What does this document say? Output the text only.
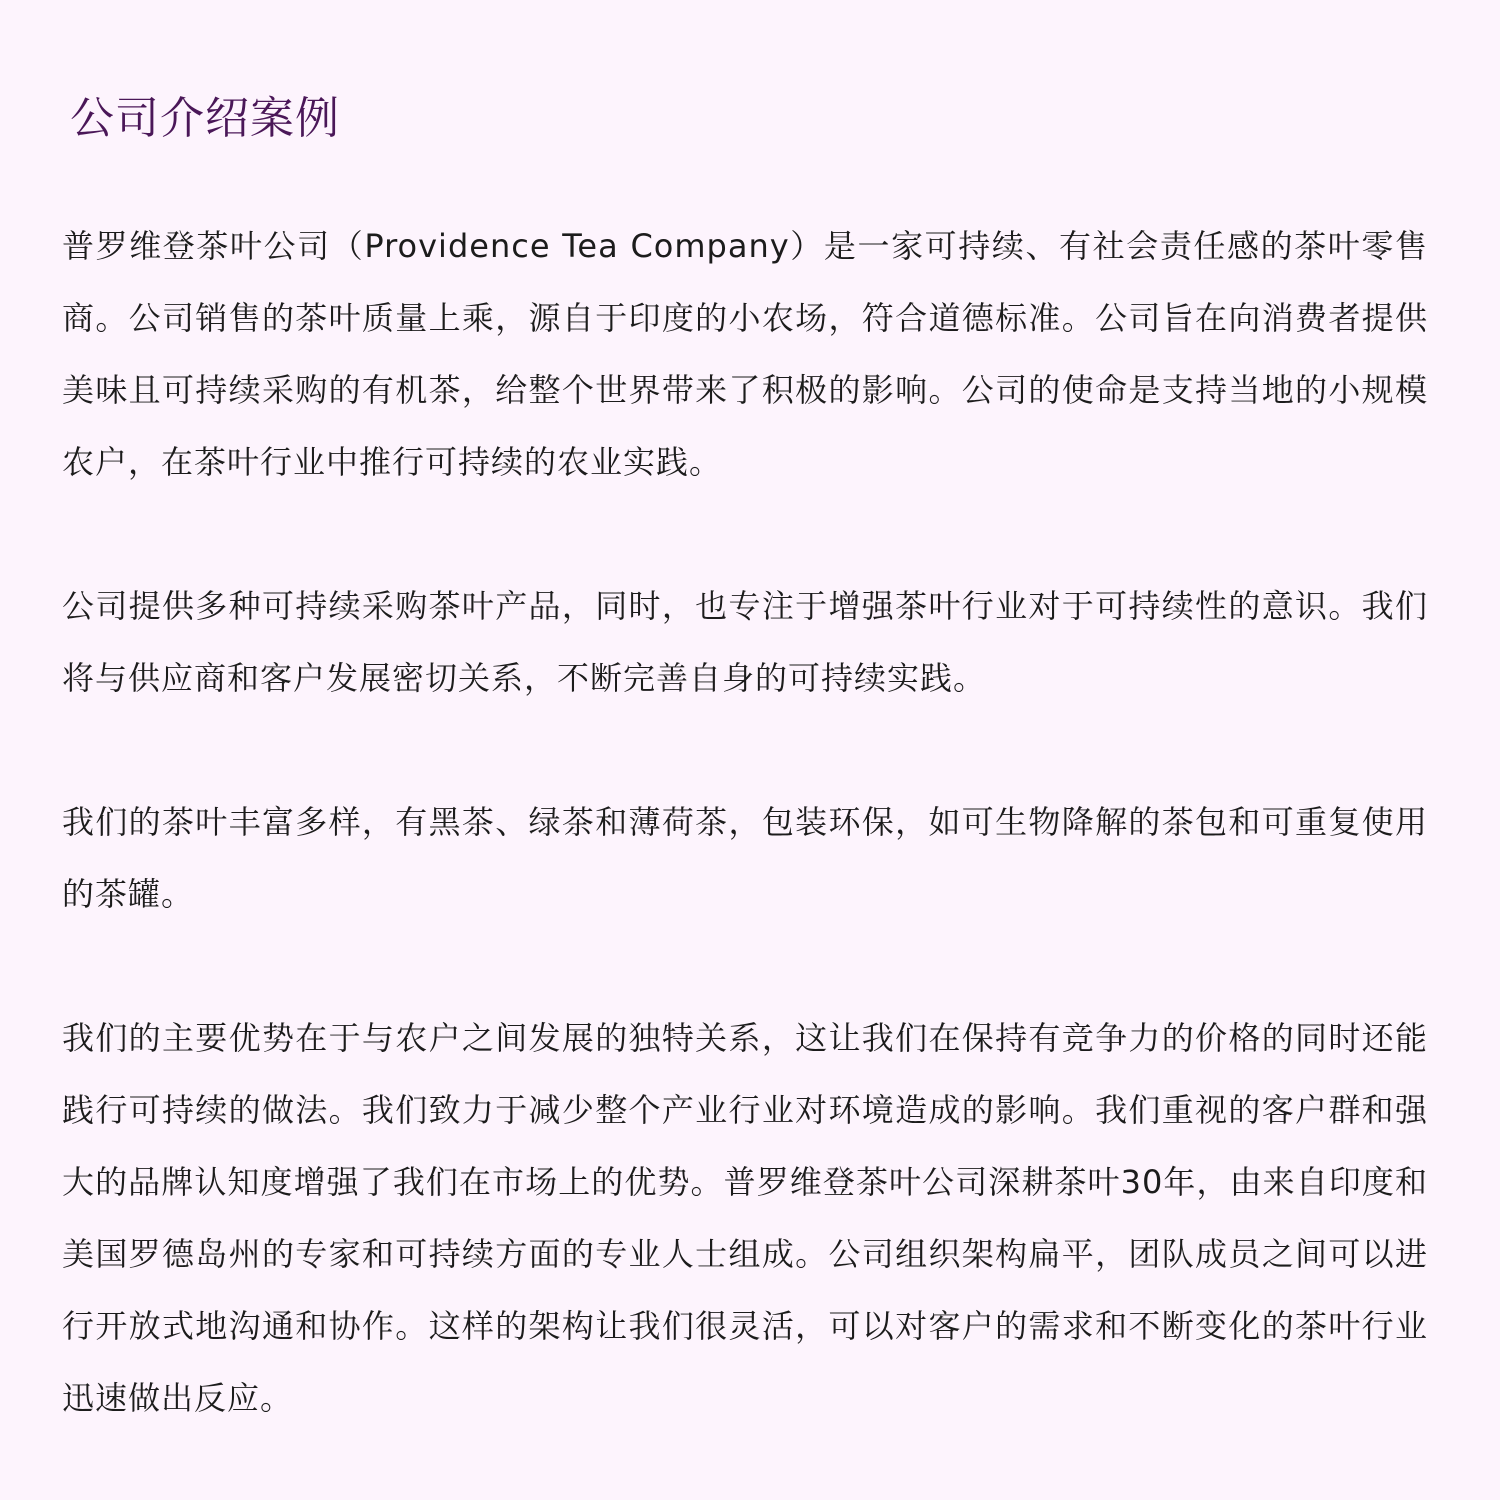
公司介绍案例

普罗维登茶叶公司（Providence Tea Company）是一家可持续、有社会责任感的茶叶零售商。公司销售的茶叶质量上乘，源自于印度的小农场，符合道德标准。公司旨在向消费者提供美味且可持续采购的有机茶，给整个世界带来了积极的影响。公司的使命是支持当地的小规模农户，在茶叶行业中推行可持续的农业实践。

公司提供多种可持续采购茶叶产品，同时，也专注于增强茶叶行业对于可持续性的意识。我们将与供应商和客户发展密切关系，不断完善自身的可持续实践。

我们的茶叶丰富多样，有黑茶、绿茶和薄荷茶，包装环保，如可生物降解的茶包和可重复使用的茶罐。

我们的主要优势在于与农户之间发展的独特关系，这让我们在保持有竞争力的价格的同时还能践行可持续的做法。我们致力于减少整个产业行业对环境造成的影响。我们重视的客户群和强大的品牌认知度增强了我们在市场上的优势。普罗维登茶叶公司深耕茶叶30年，由来自印度和美国罗德岛州的专家和可持续方面的专业人士组成。公司组织架构扁平，团队成员之间可以进行开放式地沟通和协作。这样的架构让我们很灵活，可以对客户的需求和不断变化的茶叶行业迅速做出反应。
